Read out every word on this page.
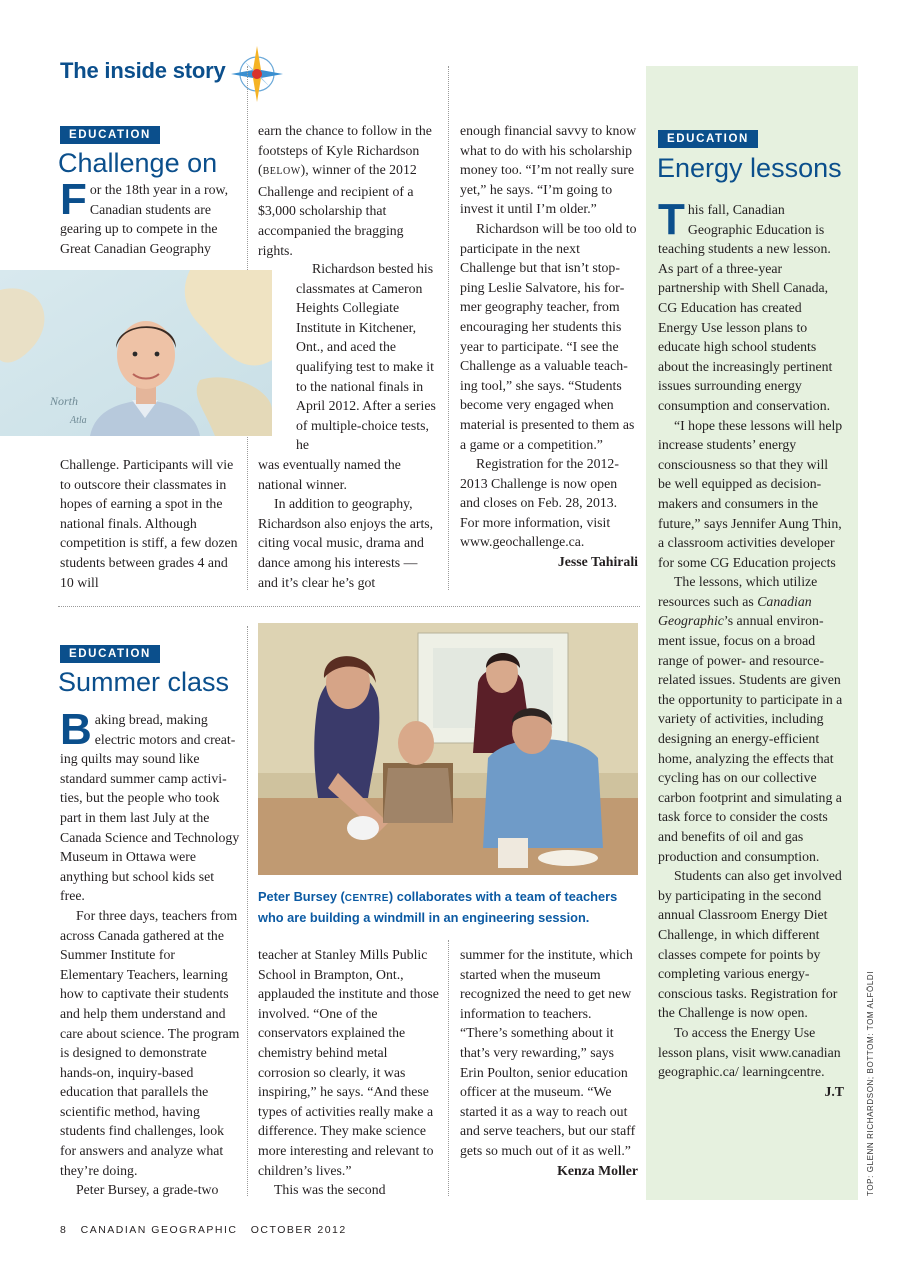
The inside story
EDUCATION
Challenge on

For the 18th year in a row, Canadian students are gearing up to compete in the Great Canadian Geography

North
Atla

Challenge. Participants will vie to outscore their classmates in hopes of earning a spot in the national finals. Although competition is stiff, a few dozen students between grades 4 and 10 will

earn the chance to follow in the footsteps of Kyle Richardson (BELOW), winner of the 2012 Challenge and recipient of a $3,000 scholarship that accompanied the bragging rights.

Richardson bested his classmates at Cameron Heights Collegiate Institute in Kitchener, Ont., and aced the qualifying test to make it to the national finals in April 2012. After a series of multiple-choice tests, he

was eventually named the national winner.

In addition to geography, Richardson also enjoys the arts, citing vocal music, drama and dance among his interests — and it’s clear he’s got

enough financial savvy to know what to do with his scholarship money too. “I’m not really sure yet,” he says. “I’m going to invest it until I’m older.”

Richardson will be too old to participate in the next Challenge but that isn’t stopping Leslie Salvatore, his former geography teacher, from encouraging her students this year to participate. “I see the Challenge as a valuable teaching tool,” she says. “Students become very engaged when material is presented to them as a game or a competition.”

Registration for the 2012-2013 Challenge is now open and closes on Feb. 28, 2013. For more information, visit www.geochallenge.ca.

Jesse Tahirali

EDUCATION
Summer class

Baking bread, making electric motors and creating quilts may sound like standard summer camp activities, but the people who took part in them last July at the Canada Science and Technology Museum in Ottawa were anything but school kids set free.

For three days, teachers from across Canada gathered at the Summer Institute for Elementary Teachers, learning how to captivate their students and help them understand and care about science. The program is designed to demonstrate hands-on, inquiry-based education that parallels the scientific method, having students find challenges, look for answers and analyze what they’re doing.

Peter Bursey, a grade-two

Peter Bursey (CENTRE) collaborates with a team of teachers who are building a windmill in an engineering session.

teacher at Stanley Mills Public School in Brampton, Ont., applauded the institute and those involved. “One of the conservators explained the chemistry behind metal corrosion so clearly, it was inspiring,” he says. “And these types of activities really make a difference. They make science more interesting and relevant to children’s lives.”

This was the second

summer for the institute, which started when the museum recognized the need to get new information to teachers. “There’s something about it that’s very rewarding,” says Erin Poulton, senior education officer at the museum. “We started it as a way to reach out and serve teachers, but our staff gets so much out of it as well.”

Kenza Moller

EDUCATION
Energy lessons

This fall, Canadian Geographic Education is teaching students a new lesson. As part of a three-year partnership with Shell Canada, CG Education has created Energy Use lesson plans to educate high school students about the increasingly pertinent issues surrounding energy consumption and conservation.

“I hope these lessons will help increase students’ energy consciousness so that they will be well equipped as decision-makers and consumers in the future,” says Jennifer Aung Thin, a classroom activities developer for some CG Education projects

The lessons, which utilize resources such as Canadian Geographic’s annual environment issue, focus on a broad range of power- and resource-related issues. Students are given the opportunity to participate in a variety of activities, including designing an energy-efficient home, analyzing the effects that cycling has on our collective carbon footprint and simulating a task force to consider the costs and benefits of oil and gas production and consumption.

Students can also get involved by participating in the second annual Classroom Energy Diet Challenge, in which different classes compete for points by completing various energy-conscious tasks. Registration for the Challenge is now open.

To access the Energy Use lesson plans, visit www.canadian geographic.ca/ learningcentre.

J.T	TOP: GLENN RICHARDSON; BOTTOM: TOM ALFÖLDI
8 CANADIAN GEOGRAPHIC OCTOBER 2012
